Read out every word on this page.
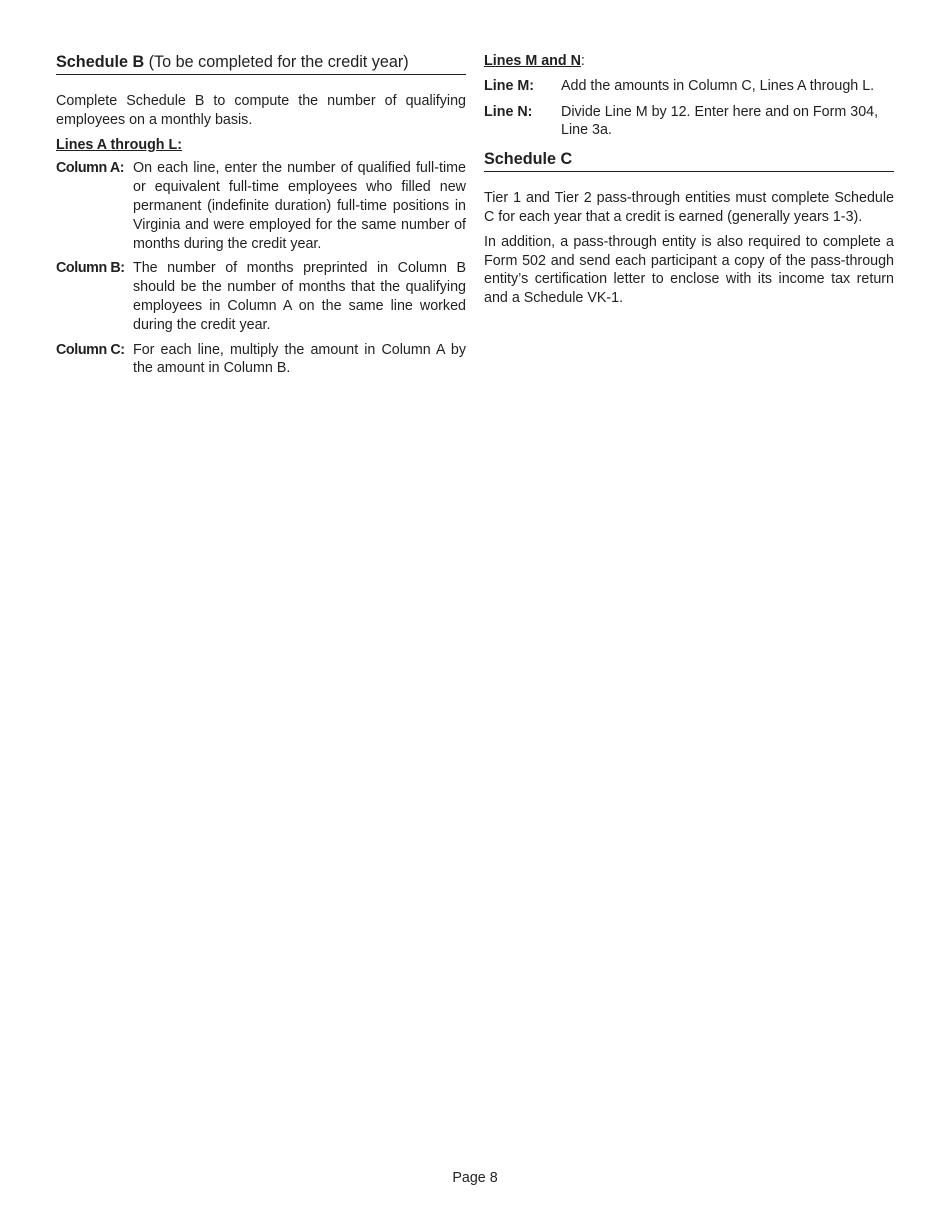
Schedule B (To be completed for the credit year)

Complete Schedule B to compute the number of qualifying employees on a monthly basis.

Lines A through L:
Column A: On each line, enter the number of qualified full-time or equivalent full-time employees who filled new permanent (indefinite duration) full-time positions in Virginia and were employed for the same number of months during the credit year.
Column B: The number of months preprinted in Column B should be the number of months that the qualifying employees in Column A on the same line worked during the credit year.
Column C: For each line, multiply the amount in Column A by the amount in Column B.
Lines M and N:
Line M:	Add the amounts in Column C, Lines A through L.
Line N:	Divide Line M by 12. Enter here and on Form 304, Line 3a.
Schedule C

Tier 1 and Tier 2 pass-through entities must complete Schedule C for each year that a credit is earned (generally years 1-3).

In addition, a pass-through entity is also required to complete a Form 502 and send each participant a copy of the pass-through entity’s certification letter to enclose with its income tax return and a Schedule VK-1.

Page 8
